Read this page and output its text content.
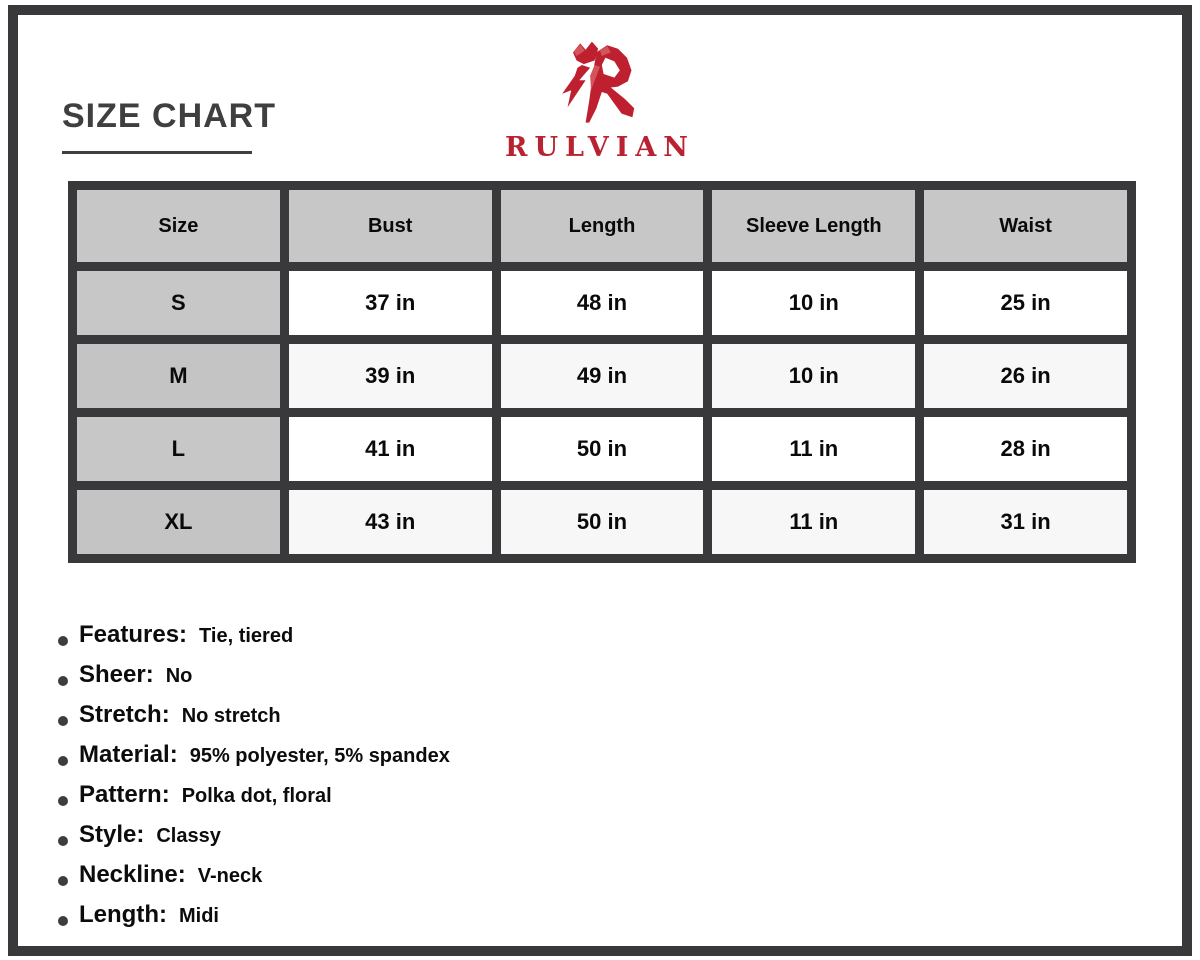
SIZE CHART
RULVIAN
Size	Bust	Length	Sleeve Length	Waist
S	37 in	48 in	10 in	25 in
M	39 in	49 in	10 in	26 in
L	41 in	50 in	11 in	28 in
XL	43 in	50 in	11 in	31 in
Features: Tie, tiered
Sheer: No
Stretch: No stretch
Material: 95% polyester, 5% spandex
Pattern: Polka dot, floral
Style: Classy
Neckline: V-neck
Length: Midi
